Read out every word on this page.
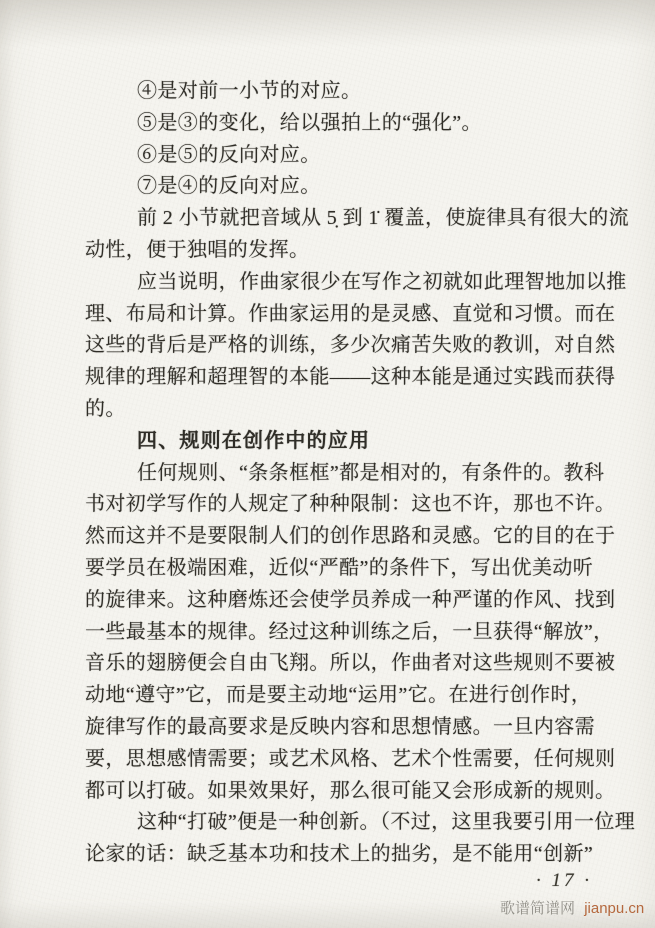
④是对前一小节的对应。
⑤是③的变化，给以强拍上的“强化”。
⑥是⑤的反向对应。
⑦是④的反向对应。
前 2 小节就把音域从 5̣ 到 1̇ 覆盖，使旋律具有很大的流
动性，便于独唱的发挥。
应当说明，作曲家很少在写作之初就如此理智地加以推
理、布局和计算。作曲家运用的是灵感、直觉和习惯。而在
这些的背后是严格的训练，多少次痛苦失败的教训，对自然
规律的理解和超理智的本能——这种本能是通过实践而获得
的。
四、规则在创作中的应用
任何规则、“条条框框”都是相对的，有条件的。教科
书对初学写作的人规定了种种限制：这也不许，那也不许。
然而这并不是要限制人们的创作思路和灵感。它的目的在于
要学员在极端困难，近似“严酷”的条件下，写出优美动听
的旋律来。这种磨炼还会使学员养成一种严谨的作风、找到
一些最基本的规律。经过这种训练之后，一旦获得“解放”，
音乐的翅膀便会自由飞翔。所以，作曲者对这些规则不要被
动地“遵守”它，而是要主动地“运用”它。在进行创作时，
旋律写作的最高要求是反映内容和思想情感。一旦内容需
要，思想感情需要；或艺术风格、艺术个性需要，任何规则
都可以打破。如果效果好，那么很可能又会形成新的规则。
这种“打破”便是一种创新。（不过，这里我要引用一位理
论家的话：缺乏基本功和技术上的拙劣，是不能用“创新”
· 17 ·
歌谱简谱网 jianpu.cn
